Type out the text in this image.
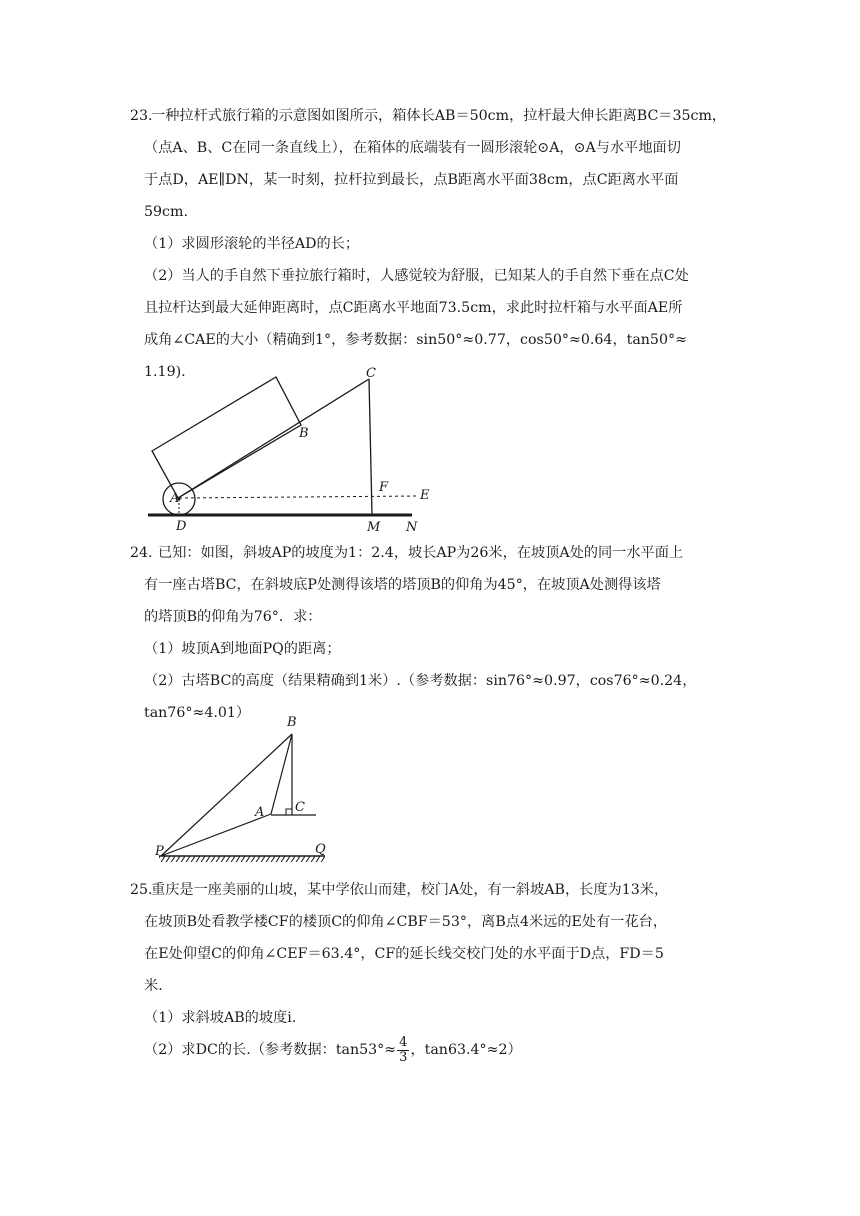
23.
一种拉杆式旅行箱的示意图如图所示，箱体长AB＝50cm，拉杆最大伸长距离BC＝35cm，
（点A、B、C在同一条直线上），在箱体的底端装有一圆形滚轮⊙A，⊙A与水平地面切
于点D，AE∥DN，某一时刻，拉杆拉到最长，点B距离水平面38cm，点C距离水平面
59cm.
（1）求圆形滚轮的半径AD的长；
（2）当人的手自然下垂拉旅行箱时，人感觉较为舒服，已知某人的手自然下垂在点C处
且拉杆达到最大延伸距离时，点C距离水平地面73.5cm，求此时拉杆箱与水平面AE所
成角∠CAE的大小（精确到1°，参考数据：sin50°≈0.77，cos50°≈0.64，tan50°≈
1.19).
A
B
C
D
E
F
M N
24. 已知：如图，斜坡AP的坡度为1：2.4，坡长AP为26米，在坡顶A处的同一水平面上
有一座古塔BC，在斜坡底P处测得该塔的塔顶B的仰角为45°，在坡顶A处测得该塔
的塔顶B的仰角为76°．求：
（1）坡顶A到地面PQ的距离；
（2）古塔BC的高度（结果精确到1米）.（参考数据：sin76°≈0.97，cos76°≈0.24，
tan76°≈4.01）
B
A C
P	Q
25.
重庆是一座美丽的山坡，某中学依山而建，校门A处，有一斜坡AB，长度为13米，
在坡顶B处看教学楼CF的楼顶C的仰角∠CBF＝53°，离B点4米远的E处有一花台，
在E处仰望C的仰角∠CEF＝63.4°，CF的延长线交校门处的水平面于D点，FD＝5
米.
（1）求斜坡AB的坡度i.
（2）求DC的长.（参考数据：$\tan 53^\circ\approx \frac{4}{3}$ ，tan63.4°≈2）
